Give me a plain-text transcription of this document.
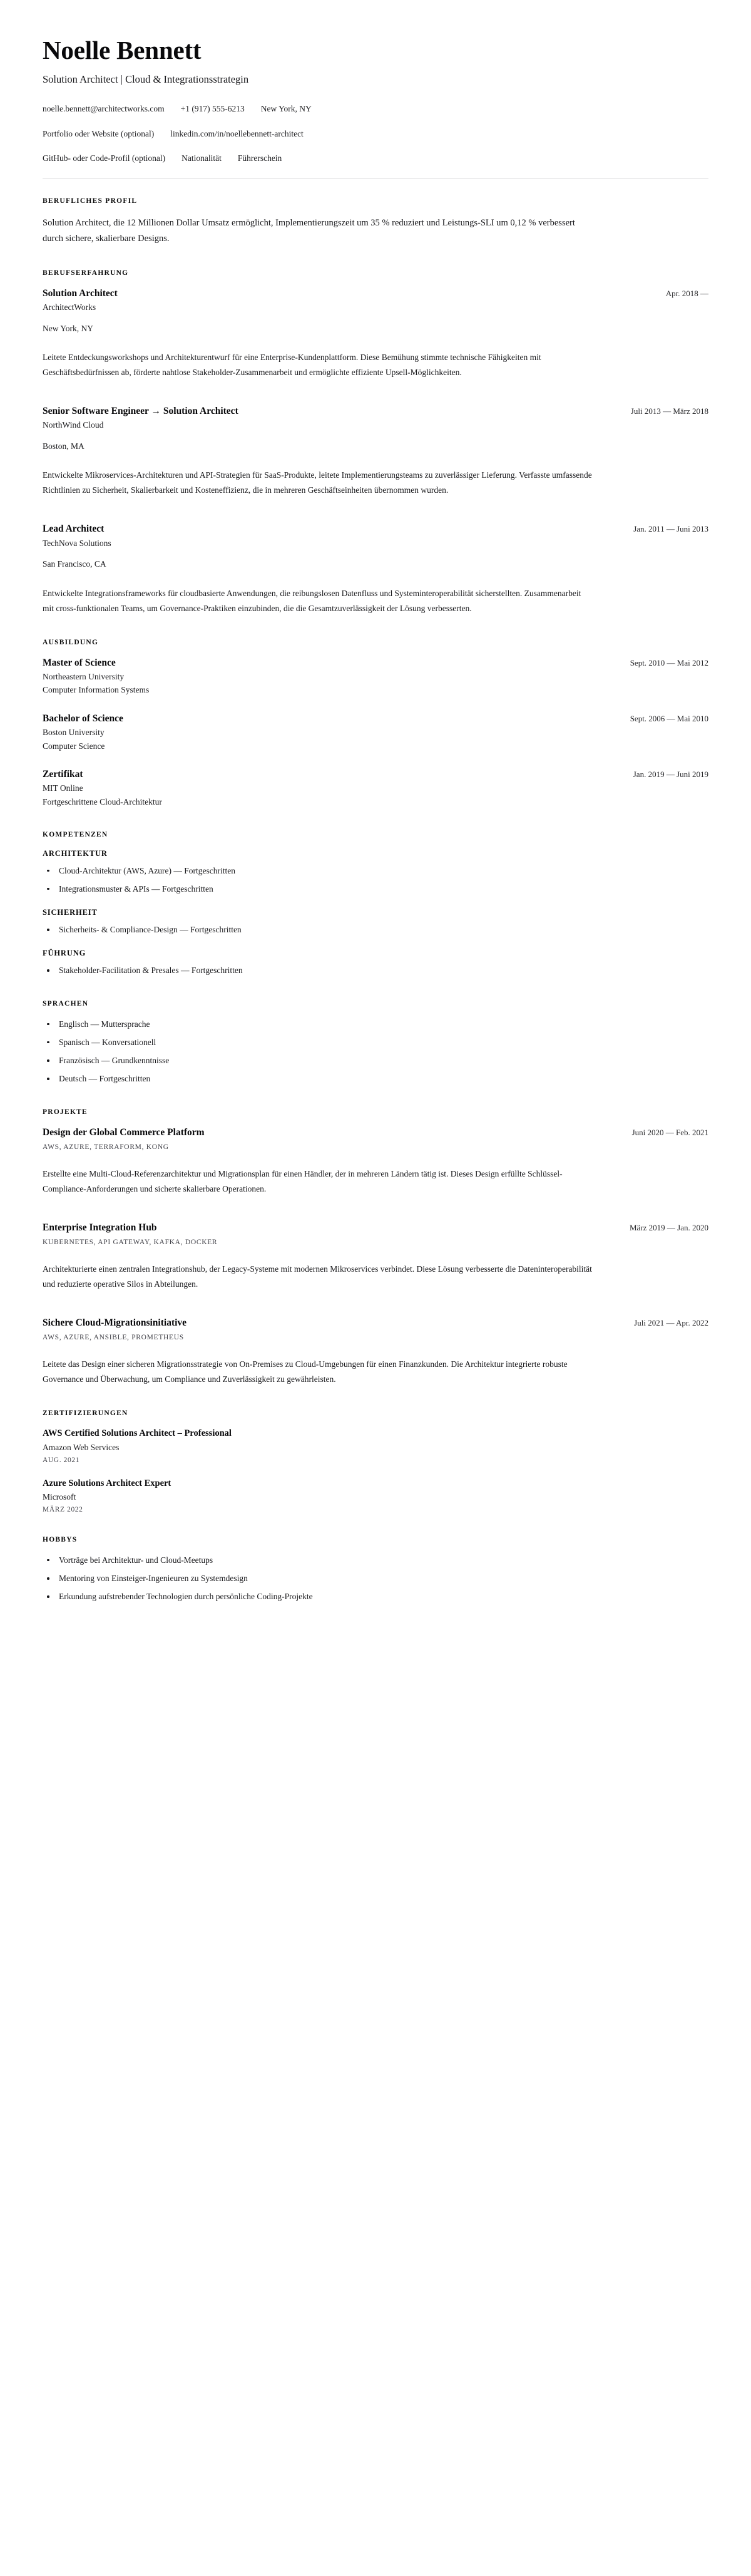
Noelle Bennett

Solution Architect | Cloud & Integrationsstrategin

noelle.bennett@architectworks.com +1 (917) 555-6213 New York, NY
Portfolio oder Website (optional) linkedin.com/in/noellebennett-architect
GitHub- oder Code-Profil (optional) Nationalität Führerschein
BERUFLICHES PROFIL

Solution Architect, die 12 Millionen Dollar Umsatz ermöglicht, Implementierungszeit um 35 % reduziert und Leistungs-SLI um 0,12 % verbessert durch sichere, skalierbare Designs.

BERUFSERFAHRUNG
Solution Architect	Apr. 2018 —

ArchitectWorks

New York, NY

Leitete Entdeckungsworkshops und Architekturentwurf für eine Enterprise-Kundenplattform. Diese Bemühung stimmte technische Fähigkeiten mit Geschäftsbedürfnissen ab, förderte nahtlose Stakeholder-Zusammenarbeit und ermöglichte effiziente Upsell-Möglichkeiten.

Senior Software Engineer → Solution Architect	Juli 2013 — März 2018

NorthWind Cloud

Boston, MA

Entwickelte Mikroservices-Architekturen und API-Strategien für SaaS-Produkte, leitete Implementierungsteams zu zuverlässiger Lieferung. Verfasste umfassende Richtlinien zu Sicherheit, Skalierbarkeit und Kosteneffizienz, die in mehreren Geschäftseinheiten übernommen wurden.

Lead Architect	Jan. 2011 — Juni 2013

TechNova Solutions

San Francisco, CA

Entwickelte Integrationsframeworks für cloudbasierte Anwendungen, die reibungslosen Datenfluss und Systeminteroperabilität sicherstellten. Zusammenarbeit mit cross-funktionalen Teams, um Governance-Praktiken einzubinden, die die Gesamtzuverlässigkeit der Lösung verbesserten.

AUSBILDUNG
Master of Science	Sept. 2010 — Mai 2012

Northeastern University

Computer Information Systems

Bachelor of Science	Sept. 2006 — Mai 2010

Boston University

Computer Science

Zertifikat	Jan. 2019 — Juni 2019

MIT Online

Fortgeschrittene Cloud-Architektur

KOMPETENZEN
ARCHITEKTUR
Cloud-Architektur (AWS, Azure) — Fortgeschritten
Integrationsmuster & APIs — Fortgeschritten
SICHERHEIT
Sicherheits- & Compliance-Design — Fortgeschritten
FÜHRUNG
Stakeholder-Facilitation & Presales — Fortgeschritten
SPRACHEN
Englisch — Muttersprache
Spanisch — Konversationell
Französisch — Grundkenntnisse
Deutsch — Fortgeschritten
PROJEKTE
Design der Global Commerce Platform	Juni 2020 — Feb. 2021

AWS, AZURE, TERRAFORM, KONG

Erstellte eine Multi-Cloud-Referenzarchitektur und Migrationsplan für einen Händler, der in mehreren Ländern tätig ist. Dieses Design erfüllte Schlüssel-Compliance-Anforderungen und sicherte skalierbare Operationen.

Enterprise Integration Hub	März 2019 — Jan. 2020

KUBERNETES, API GATEWAY, KAFKA, DOCKER

Architekturierte einen zentralen Integrationshub, der Legacy-Systeme mit modernen Mikroservices verbindet. Diese Lösung verbesserte die Dateninteroperabilität und reduzierte operative Silos in Abteilungen.

Sichere Cloud-Migrationsinitiative	Juli 2021 — Apr. 2022

AWS, AZURE, ANSIBLE, PROMETHEUS

Leitete das Design einer sicheren Migrationsstrategie von On-Premises zu Cloud-Umgebungen für einen Finanzkunden. Die Architektur integrierte robuste Governance und Überwachung, um Compliance und Zuverlässigkeit zu gewährleisten.

ZERTIFIZIERUNGEN
AWS Certified Solutions Architect – Professional

Amazon Web Services

AUG. 2021

Azure Solutions Architect Expert

Microsoft

MÄRZ 2022

HOBBYS
Vorträge bei Architektur- und Cloud-Meetups
Mentoring von Einsteiger-Ingenieuren zu Systemdesign
Erkundung aufstrebender Technologien durch persönliche Coding-Projekte
